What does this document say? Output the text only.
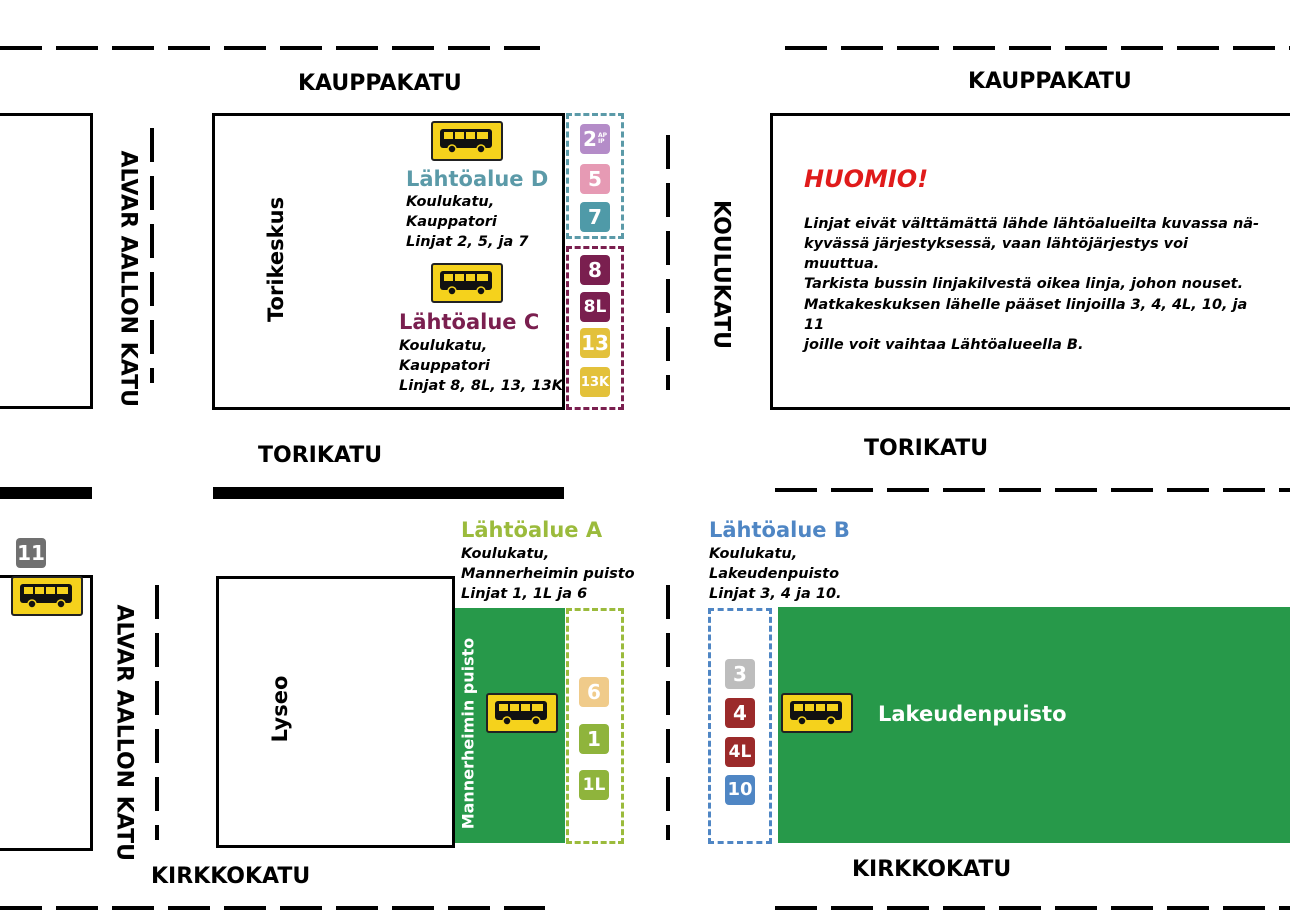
KAUPPAKATU	KAUPPAKATU
TORIKATU	TORIKATU
KIRKKOKATU	KIRKKOKATU
ALVAR AALLON KATU
ALVAR AALLON KATU
KOULUKATU
Torikeskus
Lyseo	Mannerheimin puisto	Lakeudenpuisto
Lähtöalue D
Koulukatu,
Kauppatori
Linjat 2, 5, ja 7
Lähtöalue C
Koulukatu,
Kauppatori
Linjat 8, 8L, 13, 13K
2 AP
IP
5
7
8
8L
13
13K
HUOMIO!
Linjat eivät välttämättä lähde lähtöalueilta kuvassa nä-
kyvässä järjestyksessä, vaan lähtöjärjestys voi muuttua.
Tarkista bussin linjakilvestä oikea linja, johon nouset.
Matkakeskuksen lähelle pääset linjoilla 3, 4, 4L, 10, ja 11
joille voit vaihtaa Lähtöalueella B.
11
Lähtöalue A
Koulukatu,
Mannerheimin puisto
Linjat 1, 1L ja 6
6
1
1L
Lähtöalue B
Koulukatu,
Lakeudenpuisto
Linjat 3, 4 ja 10.
3
4
4L
10
